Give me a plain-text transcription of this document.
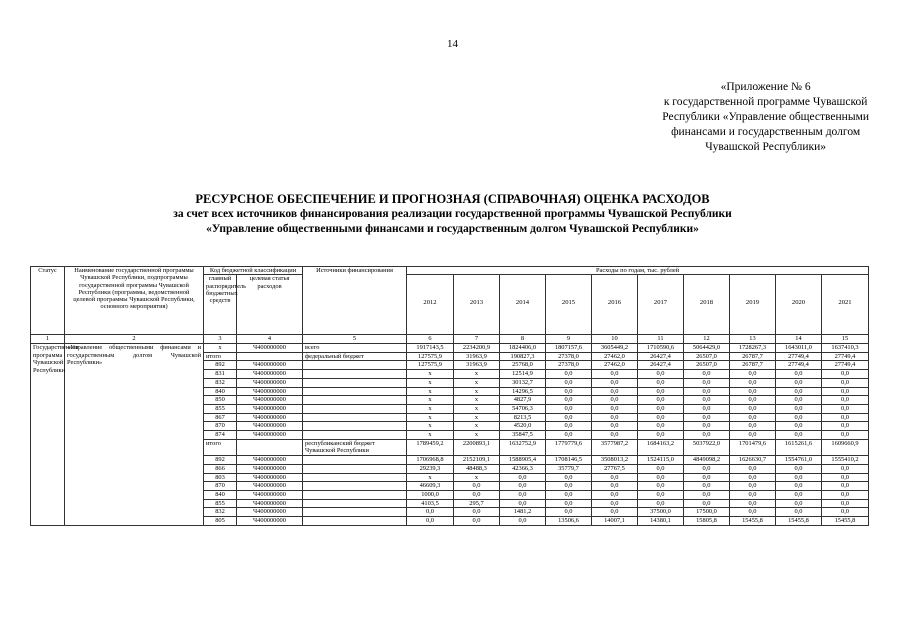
14
«Приложение № 6
к государственной программе Чувашской
Республики «Управление общественными
финансами и государственным долгом
Чувашской Республики»
РЕСУРСНОЕ ОБЕСПЕЧЕНИЕ И ПРОГНОЗНАЯ (СПРАВОЧНАЯ) ОЦЕНКА РАСХОДОВ
за счет всех источников финансирования реализации государственной программы Чувашской Республики
«Управление общественными финансами и государственным долгом Чувашской Республики»
Статус	Наименование государственной программы Чувашской Республики, подпрограммы государственной программы Чувашской Республики (программы, ведомственной целевой программы Чувашской Республики, основного мероприятия)	Код бюджетной классификации		Источники финансирования	Расходы по годам, тыс. рублей									
		главный распорядитель бюджетных средств	целевая статья расходов		2012	2013	2014	2015	2016	2017	2018	2019	2020	2021
1	2	3	4	5	6	7	8	9	10	11	12	13	14	15
Государственная программа Чувашской Республики	«Управление общественными финансами и государственным долгом Чувашской Республики»	x	Ч400000000	всего	1917143,5	2234200,9	1824406,0	1807157,6	3605449,2	1710590,6	5064429,0	1728267,3	1643011,0	1637410,3
		итого		федеральный бюджет	127575,9	31963,9	190827,3	27378,0	27462,0	26427,4	26507,0	26787,7	27749,4	27749,4
		892	Ч400000000		127575,9	31963,9	25768,0	27378,0	27462,0	26427,4	26507,0	26787,7	27749,4	27749,4
		831	Ч400000000		x	x	12514,9	0,0	0,0	0,0	0,0	0,0	0,0	0,0
		832	Ч400000000		x	x	30132,7	0,0	0,0	0,0	0,0	0,0	0,0	0,0
		840	Ч400000000		x	x	14296,5	0,0	0,0	0,0	0,0	0,0	0,0	0,0
		850	Ч400000000		x	x	4827,9	0,0	0,0	0,0	0,0	0,0	0,0	0,0
		855	Ч400000000		x	x	54706,3	0,0	0,0	0,0	0,0	0,0	0,0	0,0
		867	Ч400000000		x	x	8213,5	0,0	0,0	0,0	0,0	0,0	0,0	0,0
		870	Ч400000000		x	x	4520,0	0,0	0,0	0,0	0,0	0,0	0,0	0,0
		874	Ч400000000		x	x	35847,5	0,0	0,0	0,0	0,0	0,0	0,0	0,0
		итого		республиканский бюджет Чувашской Республики	1789459,2	2200893,1	1632752,9	1779779,6	3577987,2	1684163,2	5037922,0	1701479,6	1615261,6	1609660,9
		892	Ч400000000		1706968,8	2152109,1	1588905,4	1708146,5	3508013,2	1524115,0	4849098,2	1626630,7	1554761,0	1555410,2
		866	Ч400000000		29239,3	48488,3	42366,3	35779,7	27767,5	0,0	0,0	0,0	0,0	0,0
		803	Ч400000000		x	x	0,0	0,0	0,0	0,0	0,0	0,0	0,0	0,0
		870	Ч400000000		46609,3	0,0	0,0	0,0	0,0	0,0	0,0	0,0	0,0	0,0
		840	Ч400000000		1000,0	0,0	0,0	0,0	0,0	0,0	0,0	0,0	0,0	0,0
		855	Ч400000000		4103,5	295,7	0,0	0,0	0,0	0,0	0,0	0,0	0,0	0,0
		832	Ч400000000		0,0	0,0	1481,2	0,0	0,0	37500,0	17500,0	0,0	0,0	0,0
		805	Ч400000000		0,0	0,0	0,0	13506,6	14007,1	14380,1	15805,8	15455,8	15455,8	15455,8
